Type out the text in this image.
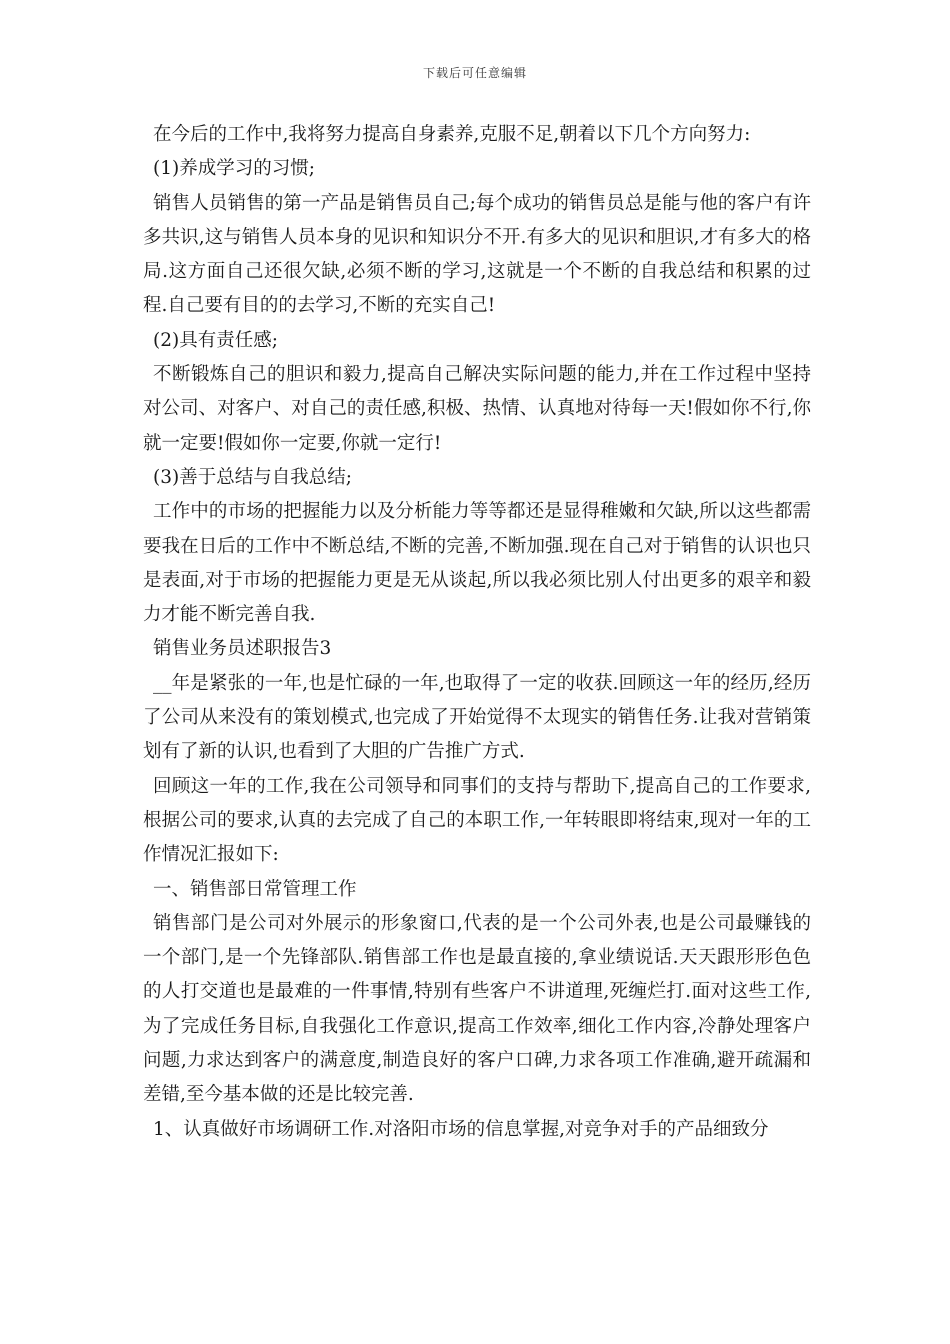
下载后可任意编辑

在今后的工作中,我将努力提高自身素养,克服不足,朝着以下几个方向努力:

(1)养成学习的习惯;

销售人员销售的第一产品是销售员自己;每个成功的销售员总是能与他的客户有许多共识,这与销售人员本身的见识和知识分不开.有多大的见识和胆识,才有多大的格局.这方面自己还很欠缺,必须不断的学习,这就是一个不断的自我总结和积累的过程.自己要有目的的去学习,不断的充实自己!

(2)具有责任感;

不断锻炼自己的胆识和毅力,提高自己解决实际问题的能力,并在工作过程中坚持对公司、对客户、对自己的责任感,积极、热情、认真地对待每一天!假如你不行,你就一定要!假如你一定要,你就一定行!

(3)善于总结与自我总结;

工作中的市场的把握能力以及分析能力等等都还是显得稚嫩和欠缺,所以这些都需要我在日后的工作中不断总结,不断的完善,不断加强.现在自己对于销售的认识也只是表面,对于市场的把握能力更是无从谈起,所以我必须比别人付出更多的艰辛和毅力才能不断完善自我.

销售业务员述职报告3

__年是紧张的一年,也是忙碌的一年,也取得了一定的收获.回顾这一年的经历,经历了公司从来没有的策划模式,也完成了开始觉得不太现实的销售任务.让我对营销策划有了新的认识,也看到了大胆的广告推广方式.

回顾这一年的工作,我在公司领导和同事们的支持与帮助下,提高自己的工作要求,根据公司的要求,认真的去完成了自己的本职工作,一年转眼即将结束,现对一年的工作情况汇报如下:

一、销售部日常管理工作

销售部门是公司对外展示的形象窗口,代表的是一个公司外表,也是公司最赚钱的一个部门,是一个先锋部队.销售部工作也是最直接的,拿业绩说话.天天跟形形色色的人打交道也是最难的一件事情,特别有些客户不讲道理,死缠烂打.面对这些工作,为了完成任务目标,自我强化工作意识,提高工作效率,细化工作内容,冷静处理客户问题,力求达到客户的满意度,制造良好的客户口碑,力求各项工作准确,避开疏漏和差错,至今基本做的还是比较完善.

1、认真做好市场调研工作.对洛阳市场的信息掌握,对竞争对手的产品细致分
